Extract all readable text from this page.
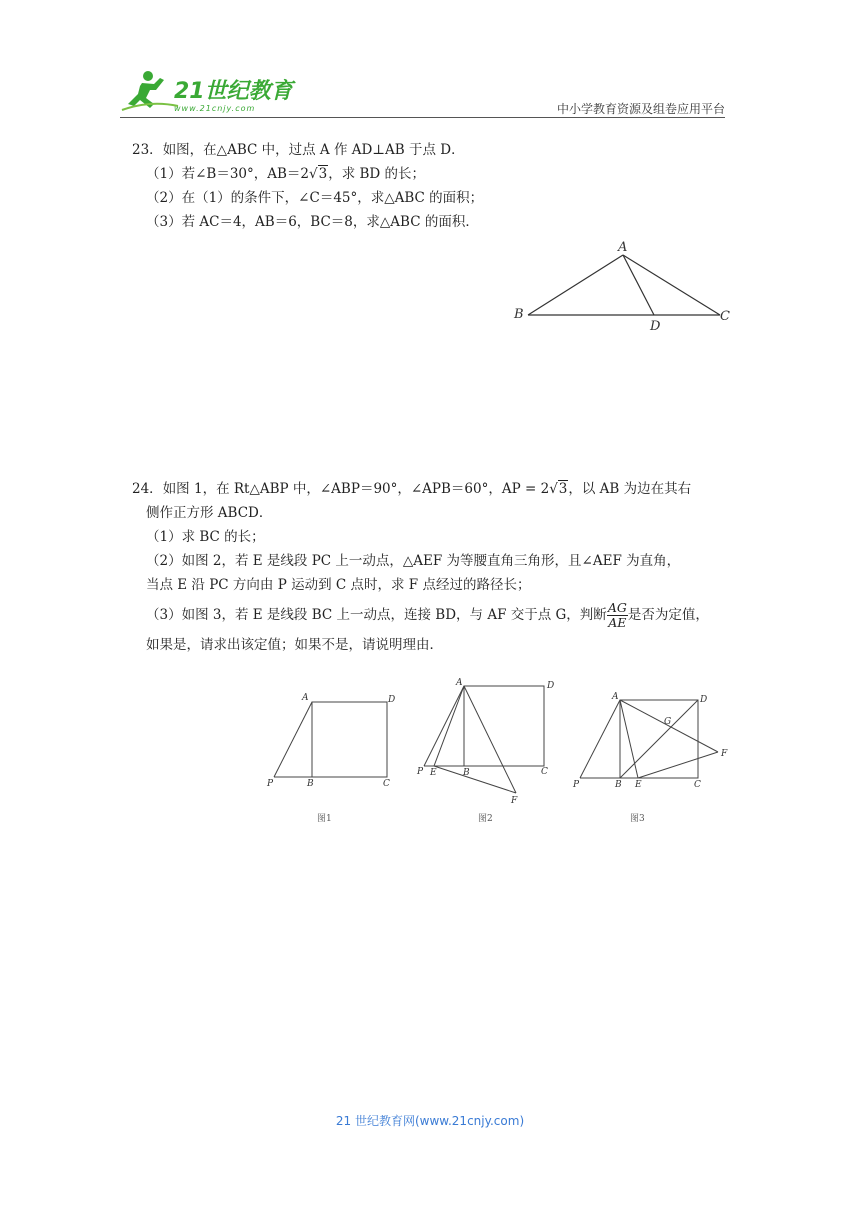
21世纪教育
www.21cnjy.com	中小学教育资源及组卷应用平台

23．如图，在△ABC 中，过点 A 作 AD⊥AB 于点 D．

（1）若∠B＝30°，AB＝2√3，求 BD 的长；

（2）在（1）的条件下，∠C＝45°，求△ABC 的面积；

（3）若 AC＝4，AB＝6，BC＝8，求△ABC 的面积．

A
B	C
D

24．如图 1，在 Rt△ABP 中，∠ABP＝90°，∠APB＝60°，AP = 2√3，以 AB 为边在其右

侧作正方形 ABCD．

（1）求 BC 的长；

（2）如图 2，若 E 是线段 PC 上一动点，△AEF 为等腰直角三角形，且∠AEF 为直角，

当点 E 沿 PC 方向由 P 运动到 C 点时，求 F 点经过的路径长；

（3）如图 3，若 E 是线段 BC 上一动点，连接 BD，与 AF 交于点 G，判断 $\frac{AG}{AE}$ 是否为定值，

如果是，请求出该定值；如果不是，请说明理由．

A	D
P	B	C
图1
A	D
P E	B	C
F
图2
A	D
G
F
P	B E	C
图3
21 世纪教育网(www.21cnjy.com)
